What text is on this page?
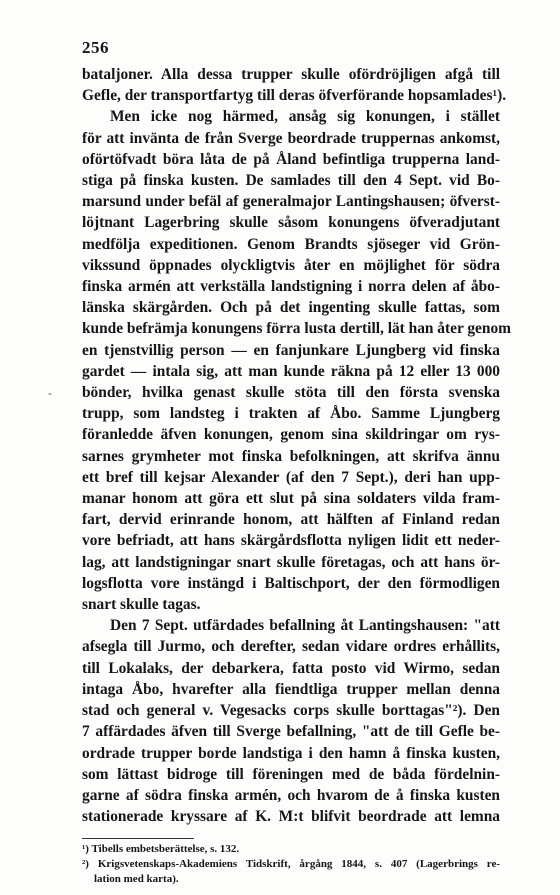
256
-
bataljoner. Alla dessa trupper skulle ofördröjligen afgå till
Gefle, der transportfartyg till deras öfverförande hopsamlades¹).
Men icke nog härmed, ansåg sig konungen, i stället
för att invänta de från Sverge beordrade truppernas ankomst,
oförtöfvadt böra låta de på Åland befintliga trupperna land-
stiga på finska kusten. De samlades till den 4 Sept. vid Bo-
marsund under befäl af generalmajor Lantingshausen; öfverst-
löjtnant Lagerbring skulle såsom konungens öfveradjutant
medfölja expeditionen. Genom Brandts sjöseger vid Grön-
vikssund öppnades olyckligtvis åter en möjlighet för södra
finska armén att verkställa landstigning i norra delen af åbo-
länska skärgården. Och på det ingenting skulle fattas, som
kunde befrämja konungens förra lusta dertill, lät han åter genom
en tjenstvillig person — en fanjunkare Ljungberg vid finska
gardet — intala sig, att man kunde räkna på 12 eller 13 000
bönder, hvilka genast skulle stöta till den första svenska
trupp, som landsteg i trakten af Åbo. Samme Ljungberg
föranledde äfven konungen, genom sina skildringar om rys-
sarnes grymheter mot finska befolkningen, att skrifva ännu
ett bref till kejsar Alexander (af den 7 Sept.), deri han upp-
manar honom att göra ett slut på sina soldaters vilda fram-
fart, dervid erinrande honom, att hälften af Finland redan
vore befriadt, att hans skärgårdsflotta nyligen lidit ett neder-
lag, att landstigningar snart skulle företagas, och att hans ör-
logsflotta vore instängd i Baltischport, der den förmodligen
snart skulle tagas.
Den 7 Sept. utfärdades befallning åt Lantingshausen: "att
afsegla till Jurmo, och derefter, sedan vidare ordres erhållits,
till Lokalaks, der debarkera, fatta posto vid Wirmo, sedan
intaga Åbo, hvarefter alla fiendtliga trupper mellan denna
stad och general v. Vegesacks corps skulle borttagas"²). Den
7 affärdades äfven till Sverge befallning, "att de till Gefle be-
ordrade trupper borde landstiga i den hamn å finska kusten,
som lättast bidroge till föreningen med de båda fördelnin-
garne af södra finska armén, och hvarom de å finska kusten
stationerade kryssare af K. M:t blifvit beordrade att lemna
¹) Tibells embetsberättelse, s. 132.
²) Krigsvetenskaps-Akademiens Tidskrift, årgång 1844, s. 407 (Lagerbrings re-
lation med karta).
